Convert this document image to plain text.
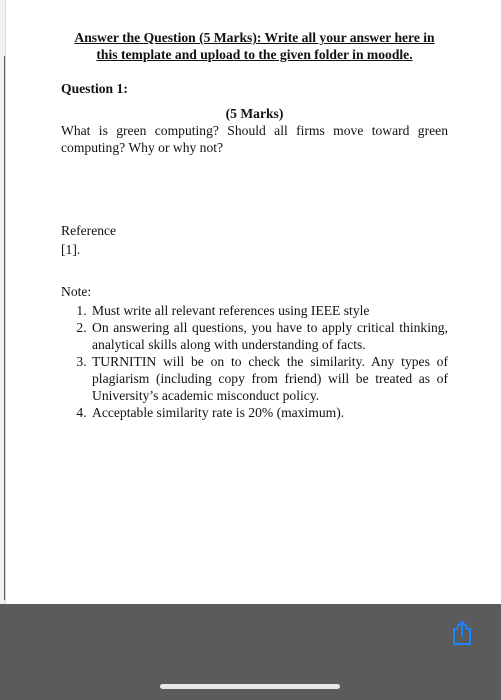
Answer the Question (5 Marks): Write all your answer here in
this template and upload to the given folder in moodle.
Question 1:
(5 Marks)
What is green computing? Should all firms move toward green computing? Why or why not?
Reference
[1].
Note:
1. Must write all relevant references using IEEE style
2. On answering all questions, you have to apply critical thinking, analytical skills along with understanding of facts.
3. TURNITIN will be on to check the similarity. Any types of plagiarism (including copy from friend) will be treated as of University’s academic misconduct policy.
4. Acceptable similarity rate is 20% (maximum).
